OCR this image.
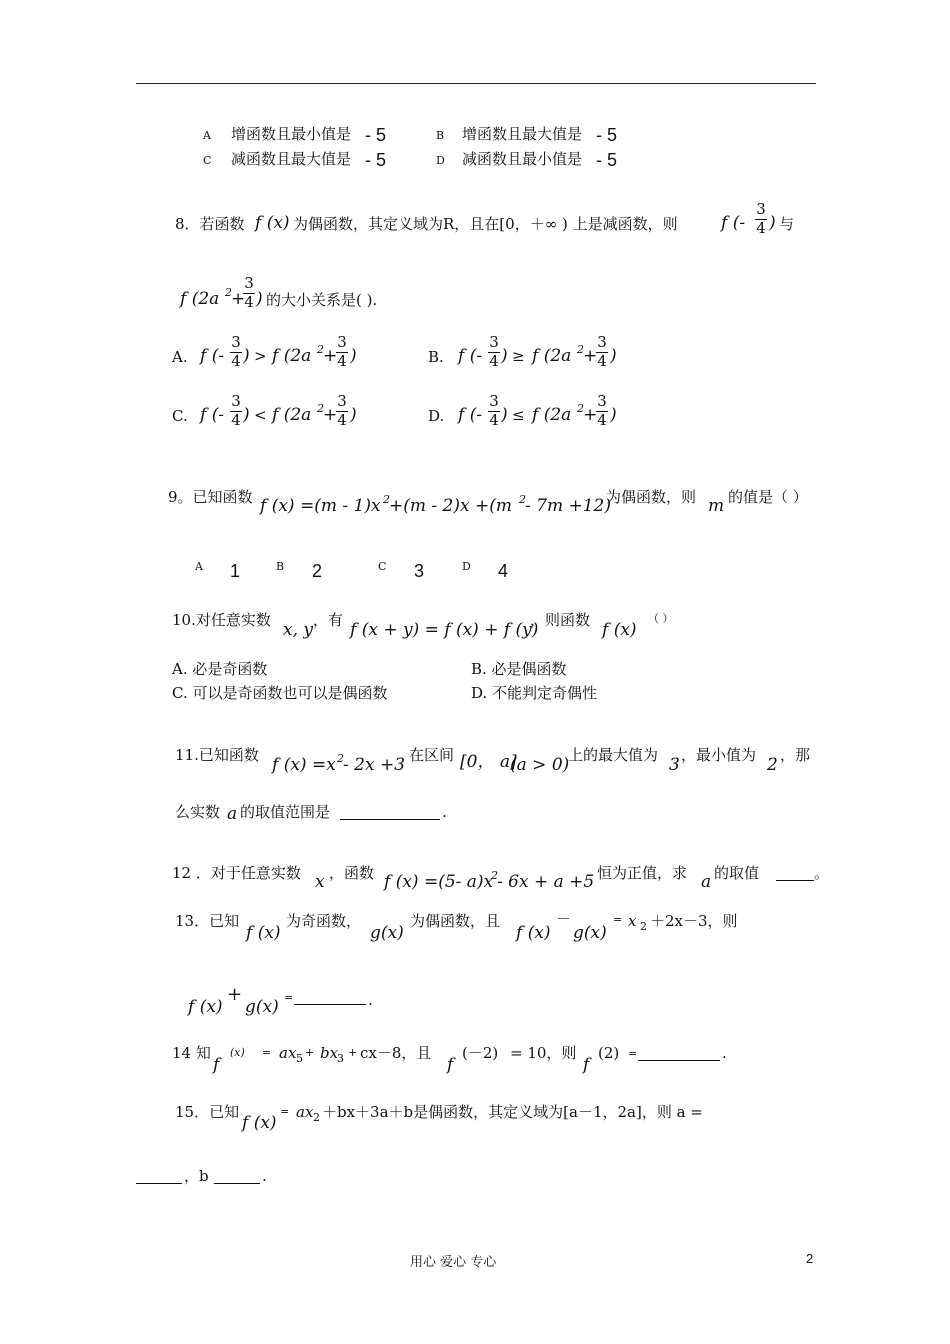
A 增函数且最小值是 - 5	B 增函数且最大值是 - 5
C 减函数且最大值是 - 5	D 减函数且最小值是 - 5
8．若函数 f (x) 为偶函数，其定义域为R，且在[0，＋∞ ) 上是减函数，则	f (-
3
4 ) 与
f (2a 2 +
3
4 ) 的大小关系是( ).
A. f (-
3
4 ) > f (2a 2 +
3
4 )	B. f (-
3
4 ) ≥ f (2a 2 +
3
4 )
C. f (-
3
4 ) < f (2a 2 +
3
4 )	D. f (-
3
4 ) ≤ f (2a 2 +
3
4 )
9。已知函数 f (x) =(m - 1)x 2 +(m - 2)x +(m 2 - 7m +12)
为偶函数，则 m 的值是（ ）
A 1	B 2	C 3	D 4
10.对任意实数 x, y ，有 f (x + y) = f (x) + f (y)
，则函数 f (x)
（ ）
A. 必是奇函数	B. 必是偶函数
C. 可以是奇函数也可以是偶函数	D. 不能判定奇偶性
11.已知函数 f (x) =x 2 - 2x +3 在区间 [0， a]
(a > 0)
上的最大值为 3 ，最小值为 2 ，那
么实数 a 的取值范围是	.
12 ．对于任意实数 x ，函数 f (x) =(5- a)x
2 - 6x + a +5 恒为正值，求 a 的取值	。
13．已知
f (x)
为奇函数，
g(x)
为偶函数，且
f (x)
－
g(x)
= x 2 ＋2x－3，则
f (x)
+
g(x) =	.
14 知
f
(x) = ax 5 + bx
3 + cx－8，且
f
(－2) = 10，则
f
(2) =	.
15．已知
f (x)
= ax 2 ＋bx＋3a＋b是偶函数，其定义域为[a－1，2a]，则 a =
，b	.
用心 爱心 专心	2
